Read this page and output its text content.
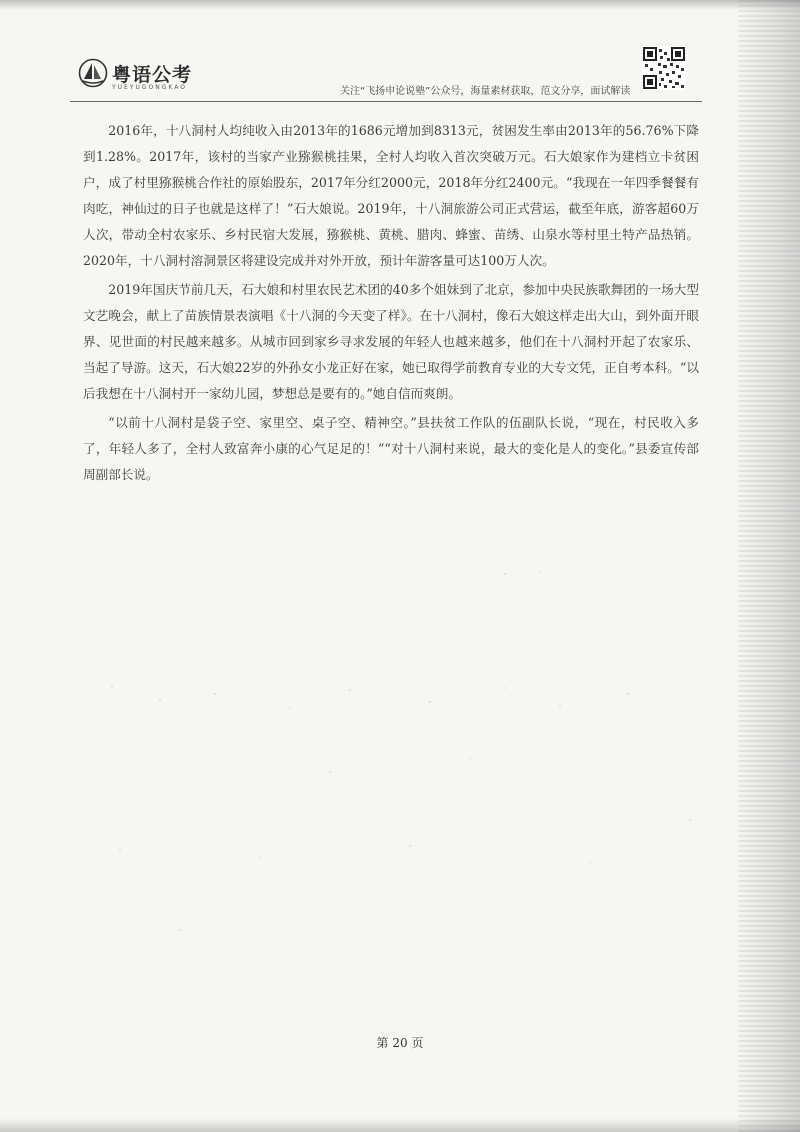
粤语公考
YUEYUGONGKAO	关注“飞扬申论说塾”公众号，海量素材获取，范文分享，面试解读

2016年，十八洞村人均纯收入由2013年的1686元增加到8313元，贫困发生率由2013年的56.76%下降到1.28%。2017年，该村的当家产业猕猴桃挂果，全村人均收入首次突破万元。石大娘家作为建档立卡贫困户，成了村里猕猴桃合作社的原始股东，2017年分红2000元，2018年分红2400元。“我现在一年四季餐餐有肉吃，神仙过的日子也就是这样了！”石大娘说。2019年，十八洞旅游公司正式营运，截至年底，游客超60万人次，带动全村农家乐、乡村民宿大发展，猕猴桃、黄桃、腊肉、蜂蜜、苗绣、山泉水等村里土特产品热销。2020年，十八洞村溶洞景区将建设完成并对外开放，预计年游客量可达100万人次。

2019年国庆节前几天，石大娘和村里农民艺术团的40多个姐妹到了北京，参加中央民族歌舞团的一场大型文艺晚会，献上了苗族情景表演唱《十八洞的今天变了样》。在十八洞村，像石大娘这样走出大山，到外面开眼界、见世面的村民越来越多。从城市回到家乡寻求发展的年轻人也越来越多，他们在十八洞村开起了农家乐、当起了导游。这天，石大娘22岁的外孙女小龙正好在家，她已取得学前教育专业的大专文凭，正自考本科。“以后我想在十八洞村开一家幼儿园，梦想总是要有的。”她自信而爽朗。

“以前十八洞村是袋子空、家里空、桌子空、精神空。”县扶贫工作队的伍副队长说，“现在，村民收入多了，年轻人多了，全村人致富奔小康的心气足足的！”“对十八洞村来说，最大的变化是人的变化。”县委宣传部周副部长说。

第 20 页
